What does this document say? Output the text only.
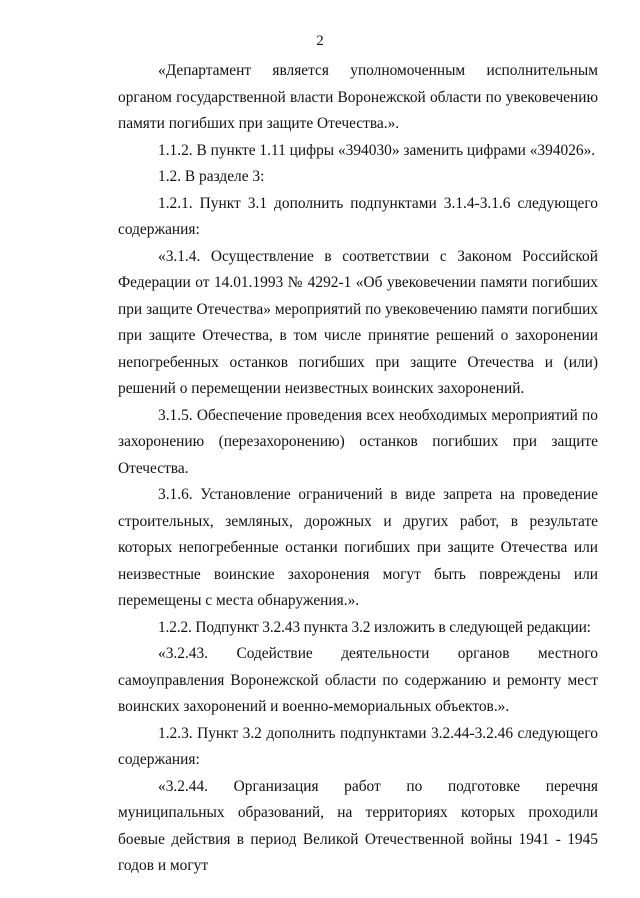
2

«Департамент является уполномоченным исполнительным органом государственной власти Воронежской области по увековечению памяти погибших при защите Отечества.».

1.1.2. В пункте 1.11 цифры «394030» заменить цифрами «394026».

1.2. В разделе 3:

1.2.1. Пункт 3.1 дополнить подпунктами 3.1.4-3.1.6 следующего содержания:

«3.1.4. Осуществление в соответствии с Законом Российской Федерации от 14.01.1993 № 4292-1 «Об увековечении памяти погибших при защите Отечества» мероприятий по увековечению памяти погибших при защите Отечества, в том числе принятие решений о захоронении непогребенных останков погибших при защите Отечества и (или) решений о перемещении неизвестных воинских захоронений.

3.1.5. Обеспечение проведения всех необходимых мероприятий по захоронению (перезахоронению) останков погибших при защите Отечества.

3.1.6. Установление ограничений в виде запрета на проведение строительных, земляных, дорожных и других работ, в результате которых непогребенные останки погибших при защите Отечества или неизвестные воинские захоронения могут быть повреждены или перемещены с места обнаружения.».

1.2.2. Подпункт 3.2.43 пункта 3.2 изложить в следующей редакции:

«3.2.43. Содействие деятельности органов местного самоуправления Воронежской области по содержанию и ремонту мест воинских захоронений и военно-мемориальных объектов.».

1.2.3. Пункт 3.2 дополнить подпунктами 3.2.44-3.2.46 следующего содержания:

«3.2.44. Организация работ по подготовке перечня муниципальных образований, на территориях которых проходили боевые действия в период Великой Отечественной войны 1941 - 1945 годов и могут
